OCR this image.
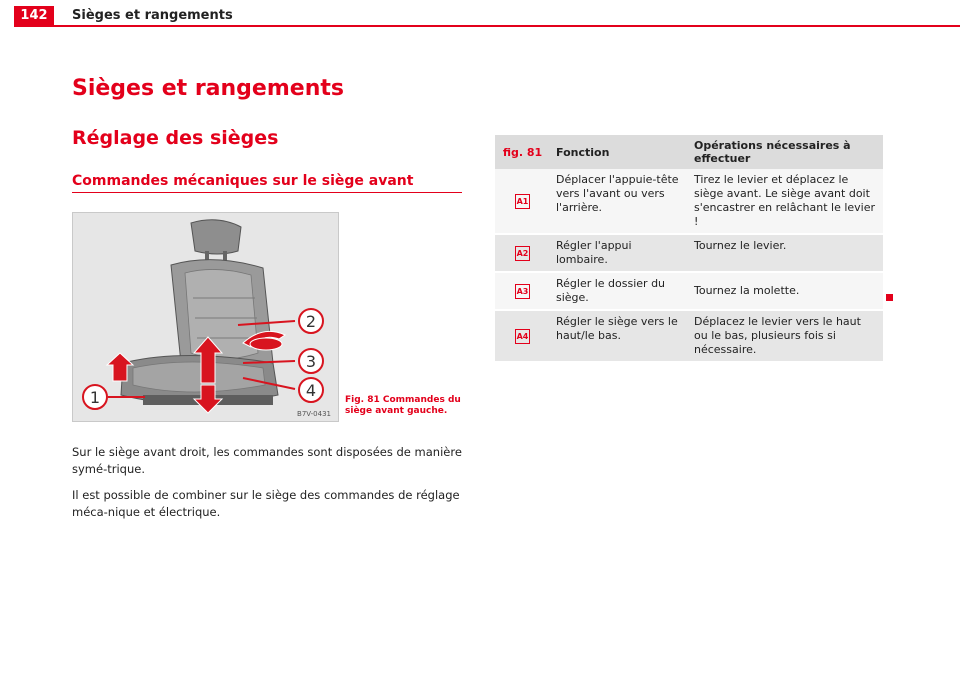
142	Sièges et rangements
Sièges et rangements
Réglage des sièges
Commandes mécaniques sur le siège avant
1
2
3
4
B7V-0431
Fig. 81 Commandes du siège avant gauche.
Sur le siège avant droit, les commandes sont disposées de manière symé-trique.
Il est possible de combiner sur le siège des commandes de réglage méca-nique et électrique.
fig. 81	Fonction	Opérations nécessaires à effectuer
A1	Déplacer l'appuie-tête vers l'avant ou vers l'arrière.	Tirez le levier et déplacez le siège avant. Le siège avant doit s'encastrer en relâchant le levier !
A2	Régler l'appui lombaire.	Tournez le levier.
A3	Régler le dossier du siège.	Tournez la molette.
A4	Régler le siège vers le haut/le bas.	Déplacez le levier vers le haut ou le bas, plusieurs fois si nécessaire.
